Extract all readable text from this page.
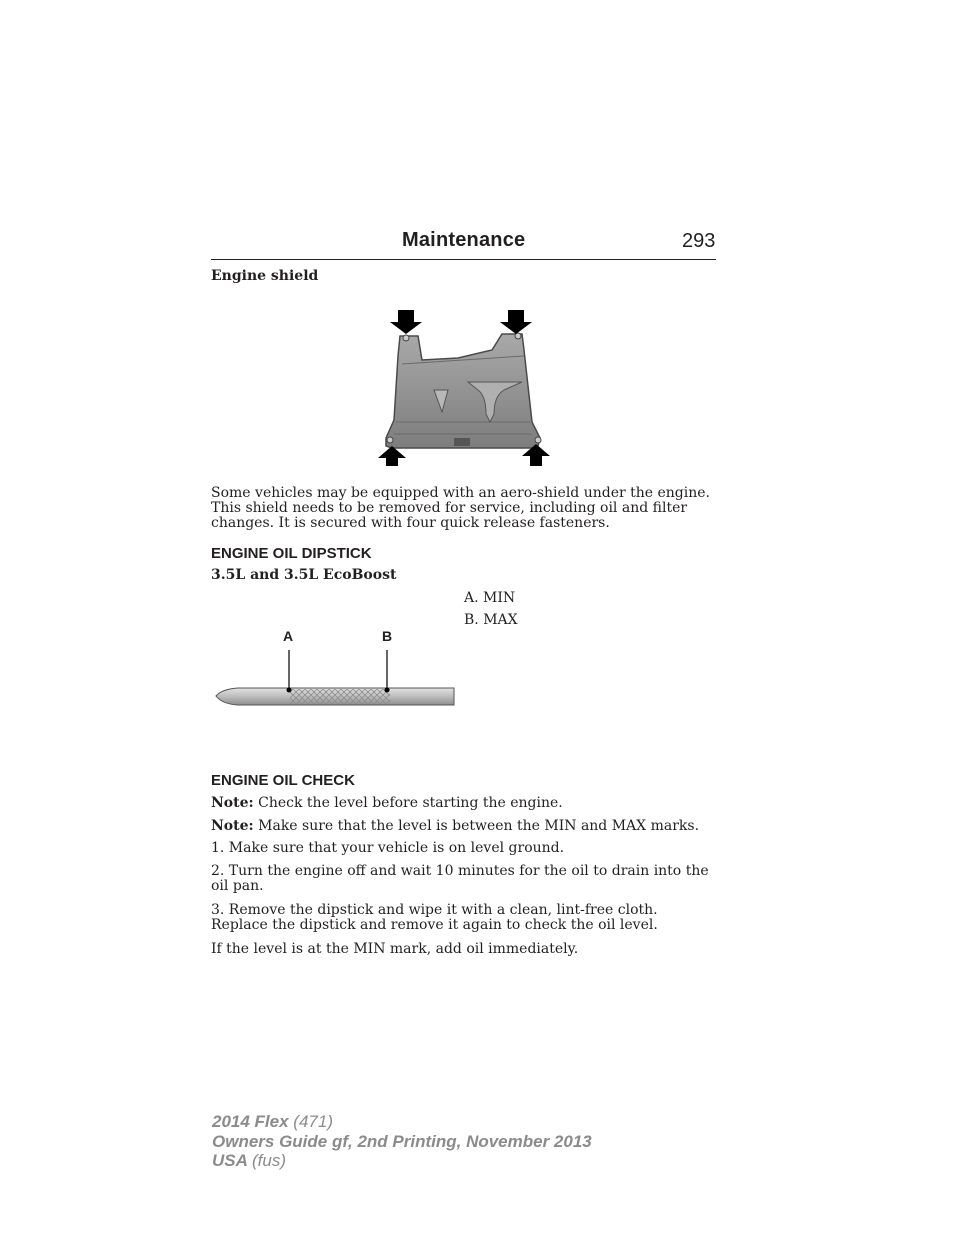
Maintenance	293
Engine shield
Some vehicles may be equipped with an aero-shield under the engine. This shield needs to be removed for service, including oil and filter changes. It is secured with four quick release fasteners.
ENGINE OIL DIPSTICK
3.5L and 3.5L EcoBoost
A. MIN
B. MAX
A	B
ENGINE OIL CHECK
Note: Check the level before starting the engine.
Note: Make sure that the level is between the MIN and MAX marks.
1. Make sure that your vehicle is on level ground.
2. Turn the engine off and wait 10 minutes for the oil to drain into the oil pan.
3. Remove the dipstick and wipe it with a clean, lint-free cloth. Replace the dipstick and remove it again to check the oil level.
If the level is at the MIN mark, add oil immediately.
2014 Flex (471)
Owners Guide gf, 2nd Printing, November 2013
USA (fus)
